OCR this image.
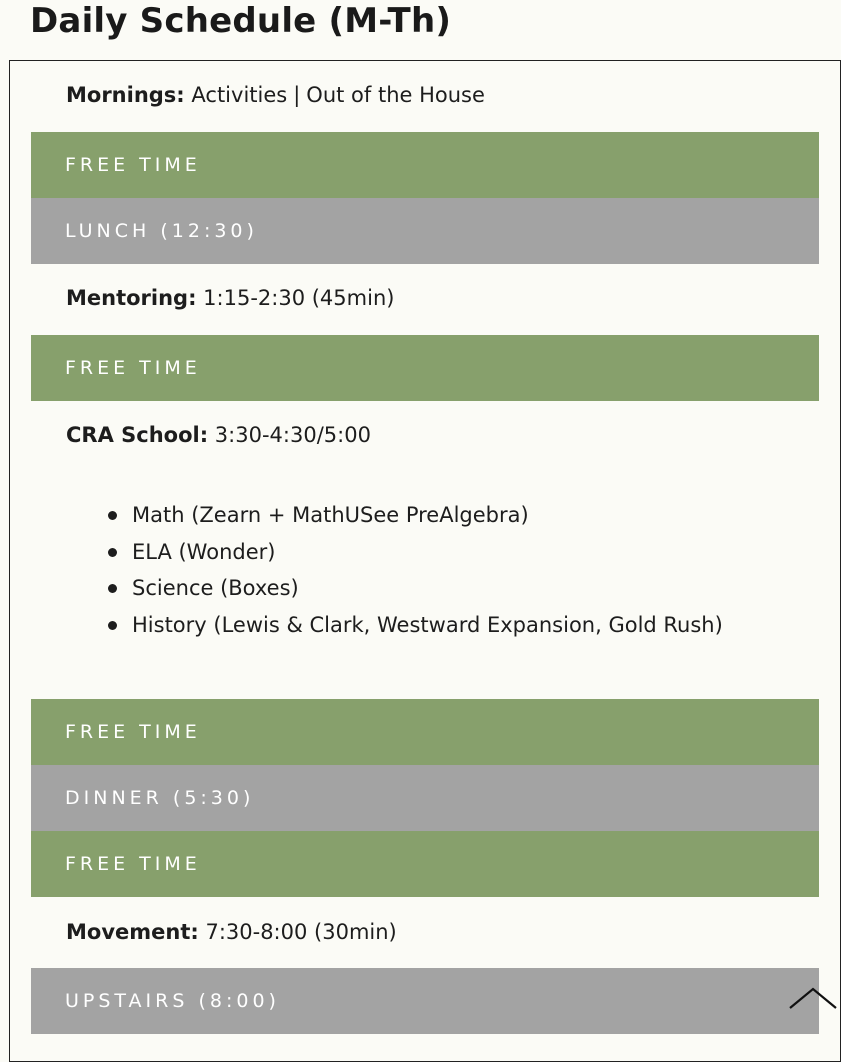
Daily Schedule (M-Th)
Mornings: Activities | Out of the House
FREE TIME
LUNCH (12:30)
Mentoring: 1:15-2:30 (45min)
FREE TIME
CRA School: 3:30-4:30/5:00
Math (Zearn + MathUSee PreAlgebra)
ELA (Wonder)
Science (Boxes)
History (Lewis & Clark, Westward Expansion, Gold Rush)
FREE TIME
DINNER (5:30)
FREE TIME
Movement: 7:30-8:00 (30min)
UPSTAIRS (8:00)
